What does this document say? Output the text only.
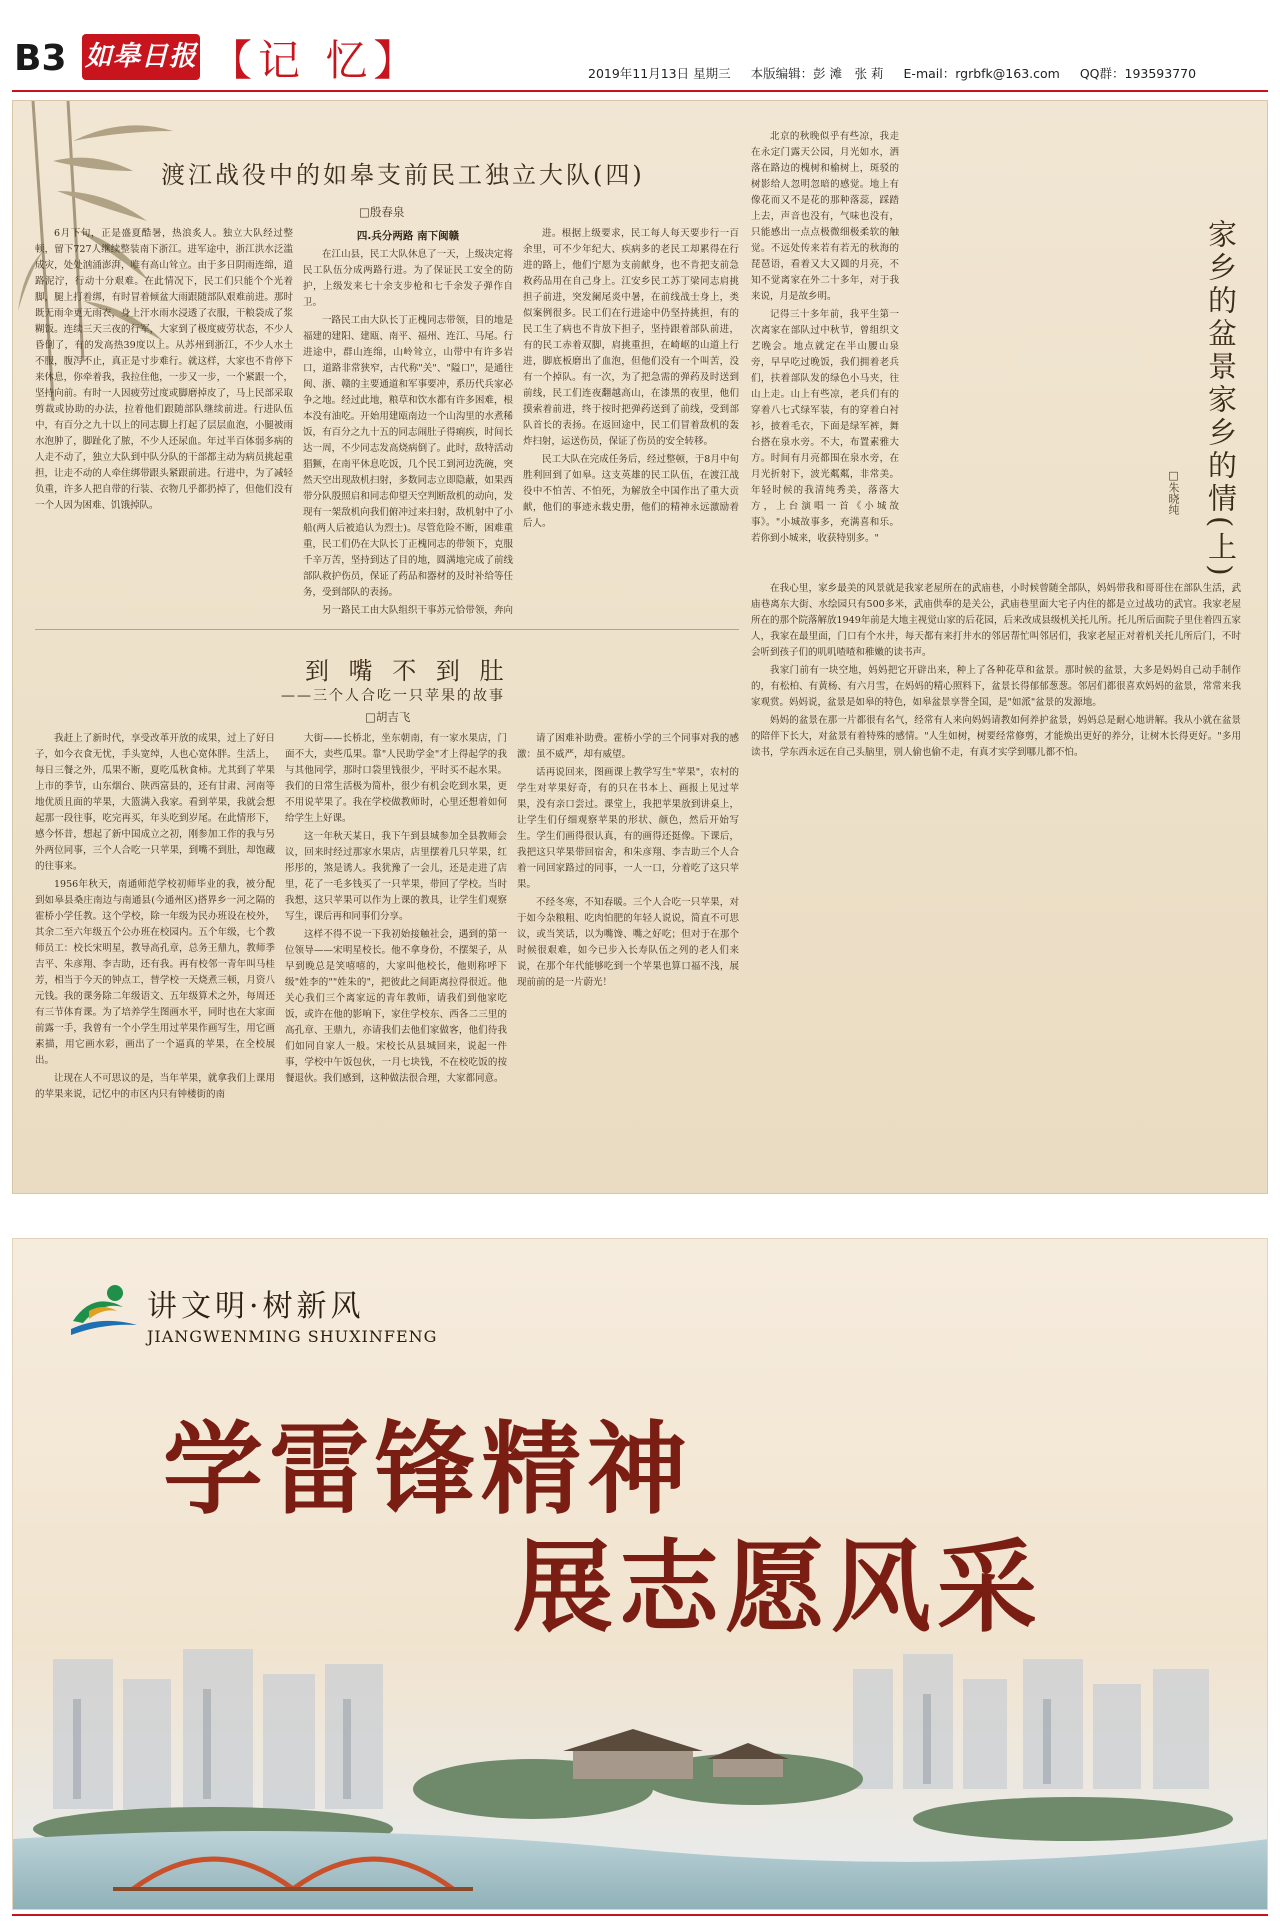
B3 如皋日报 【记 忆】	2019年11月13日 星期三 本版编辑：彭 滩　张 莉 E-mail：rgrbfk@163.com QQ群：193593770
渡江战役中的如皋支前民工独立大队(四)
□殷春泉

6月下旬，正是盛夏酷暑，热浪炙人。独立大队经过整顿，留下727人继续整装南下浙江。进军途中，浙江洪水泛滥成灾，处处汹涌澎湃，唯有高山耸立。由于多日阴雨连绵，道路泥泞，行动十分艰难。在此情况下，民工们只能个个光着脚，腿上打着绑，有时冒着倾盆大雨跟随部队艰难前进。那时既无雨伞更无雨衣，身上汗水雨水浸透了衣服，干粮袋成了浆糊饭。连续三天三夜的行军，大家到了极度疲劳状态，不少人昏倒了，有的发高热39度以上。从苏州到浙江，不少人水土不服，腹泻不止，真正是寸步难行。就这样，大家也不肯停下来休息，你牵着我，我拉住他，一步又一步，一个紧跟一个，坚持向前。有时一人因疲劳过度或脚磨掉皮了，马上民部采取剪裁或协助的办法，拉着他们跟随部队继续前进。行进队伍中，有百分之九十以上的同志脚上打起了层层血泡，小腿被雨水泡肿了，脚趾化了脓，不少人还尿血。年过半百体弱多病的人走不动了，独立大队到中队分队的干部都主动为病员挑起重担，让走不动的人牵住绑带跟头紧跟前进。行进中，为了减轻负重，许多人把自带的行装、衣物几乎都扔掉了，但他们没有一个人因为困难、饥饿掉队。

四.兵分两路 南下闽赣

在江山县，民工大队休息了一天，上级决定将民工队伍分成两路行进。为了保证民工安全的防护，上级发来七十余支步枪和七千余发子弹作自卫。

一路民工由大队长丁正槐同志带领，目的地是福建的建阳、建瓯、南平、福州、连江、马尾。行进途中，群山连绵，山岭耸立，山带中有许多岩口，道路非常狭窄，古代称"关"、"隘口"，是通往闽、浙、赣的主要通道和军事要冲，系历代兵家必争之地。经过此地，粮草和饮水都有许多困难，根本没有油吃。开始用建瓯南边一个山沟里的水煮稀饭，有百分之九十五的同志闹肚子得痢疾，时间长达一周，不少同志发高烧病倒了。此时，敌特活动猖獗，在南平休息吃饭，几个民工到河边洗碗，突然天空出现敌机扫射，多数同志立即隐蔽，如果西带分队殷照启和同志仰望天空判断敌机的动向，发现有一架敌机向我们俯冲过来扫射，敌机射中了小船(两人后被追认为烈士)。尽管危险不断，困难重重，民工们仍在大队长丁正槐同志的带领下，克服千辛万苦，坚持到达了目的地，圆满地完成了前线部队救护伤员，保证了药品和器材的及时补给等任务，受到部队的表扬。

另一路民工由大队组织干事苏元恰带领，奔向

进。根据上级要求，民工每人每天要步行一百余里，可不少年纪大、疾病多的老民工却累得在行进的路上，他们宁愿为支前献身，也不肯把支前急救药品用在自己身上。江安乡民工苏丁梁同志肩挑担子前进，突发阑尾炎中暑，在前线战士身上，类似案例很多。民工们在行进途中仍坚持挑担，有的民工生了病也不肯放下担子，坚持跟着部队前进，有的民工赤着双脚，肩挑重担，在崎岖的山道上行进，脚底板磨出了血泡，但他们没有一个叫苦，没有一个掉队。有一次，为了把急需的弹药及时送到前线，民工们连夜翻越高山，在漆黑的夜里，他们摸索着前进，终于按时把弹药送到了前线，受到部队首长的表扬。在返回途中，民工们冒着敌机的轰炸扫射，运送伤员，保证了伤员的安全转移。

民工大队在完成任务后，经过整顿，于8月中旬胜利回到了如皋。这支英雄的民工队伍，在渡江战役中不怕苦、不怕死，为解放全中国作出了重大贡献，他们的事迹永载史册，他们的精神永远激励着后人。

到 嘴 不 到 肚
——三个人合吃一只苹果的故事
□胡吉飞

我赶上了新时代，享受改革开放的成果，过上了好日子，如今衣食无忧，手头宽绰，人也心宽体胖。生活上，每日三餐之外，瓜果不断，夏吃瓜秋食柿。尤其到了苹果上市的季节，山东烟台、陕西富县的，还有甘肃、河南等地优质且面的苹果，大篮满入我家。看到苹果，我就会想起那一段往事，吃完再买，年头吃到岁尾。在此情形下，感今怀昔，想起了新中国成立之初，刚参加工作的我与另外两位同事，三个人合吃一只苹果，到嘴不到肚，却饱藏的往事来。

1956年秋天，南通师范学校初师毕业的我，被分配到如皋县桑庄南边与南通县(今通州区)搭界乡一河之隔的霍桥小学任教。这个学校，除一年级为民办班设在校外，其余二至六年级五个公办班在校园内。五个年级，七个教师员工：校长宋明星，教导高孔章，总务王鼎九，教师季吉平、朱彦翔、李吉助，还有我。再有校邻一青年叫马桂芳，相当于今天的钟点工，替学校一天烧煮三顿，月资八元钱。我的课务除二年级语文、五年级算术之外，每周还有三节体育课。为了培养学生图画水平，同时也在大家面前露一手，我曾有一个小学生用过苹果作画写生，用它画素描，用它画水彩，画出了一个逼真的苹果，在全校展出。

让现在人不可思议的是，当年苹果，就拿我们上课用的苹果来说，记忆中的市区内只有钟楼街的南

大街——长桥北，坐东朝南，有一家水果店，门面不大，卖些瓜果。靠"人民助学金"才上得起学的我与其他同学，那时口袋里钱很少，平时买不起水果。我们的日常生活极为简朴，很少有机会吃到水果，更不用说苹果了。我在学校做教师时，心里还想着如何给学生上好课。

这一年秋天某日，我下午到县城参加全县教师会议，回来时经过那家水果店，店里摆着几只苹果，红彤彤的，煞是诱人。我犹豫了一会儿，还是走进了店里，花了一毛多钱买了一只苹果，带回了学校。当时我想，这只苹果可以作为上课的教具，让学生们观察写生，课后再和同事们分享。

这样不得不说一下我初始接触社会，遇到的第一位领导——宋明星校长。他不拿身份，不摆架子，从早到晚总是笑嘻嘻的，大家叫他校长，他则称呼下级"姓李的""姓朱的"，把彼此之间距离拉得很近。他关心我们三个离家远的青年教师，请我们到他家吃饭，或许在他的影响下，家住学校东、西各二三里的高孔章、王鼎九，亦请我们去他们家做客，他们待我们如同自家人一般。宋校长从县城回来，说起一件事，学校中午饭包伙，一月七块钱，不在校吃饭的按餐退伙。我们感到，这种做法很合理，大家都同意。

请了困难补助费。霍桥小学的三个同事对我的感激：虽不威严，却有威望。

话再说回来，图画课上教学写生"苹果"，农村的学生对苹果好奇，有的只在书本上、画报上见过苹果，没有亲口尝过。课堂上，我把苹果放到讲桌上，让学生们仔细观察苹果的形状、颜色，然后开始写生。学生们画得很认真，有的画得还挺像。下课后，我把这只苹果带回宿舍，和朱彦翔、李吉助三个人合着一同回家路过的同事，一人一口，分着吃了这只苹果。

不经冬寒，不知春暖。三个人合吃一只苹果，对于如今杂粮粗、吃肉怕肥的年轻人说说，简直不可思议，或当笑话，以为嘴馋、嘴之好吃；但对于在那个时候很艰难，如今已步入长寿队伍之列的老人们来说，在那个年代能够吃到一个苹果也算口福不浅，展现前前的是一片蔚光！

家乡的盆景家乡的情(上)
□朱晓纯

北京的秋晚似乎有些凉，我走在永定门露天公园，月光如水，洒落在路边的槐树和榆树上，斑驳的树影给人忽明忽暗的感觉。地上有像花而又不是花的那种落蕊，踩踏上去，声音也没有，气味也没有，只能感出一点点极微细极柔软的触觉。不远处传来若有若无的秋海的琵琶语，看着又大又圆的月亮，不知不觉离家在外二十多年，对于我来说，月是故乡明。

记得三十多年前，我平生第一次离家在部队过中秋节，曾组织文艺晚会。地点就定在半山腰山泉旁，早早吃过晚饭，我们拥着老兵们，扶着部队发的绿色小马夹，往山上走。山上有些凉，老兵们有的穿着八七式绿军装，有的穿着白衬衫，披着毛衣，下面是绿军裤，舞台搭在泉水旁。不大，布置素雅大方。时间有月亮都围在泉水旁，在月光折射下，波光粼粼，非常美。年轻时候的我清纯秀美，落落大方，上台演唱一首《小城故事》。"小城故事多，充满喜和乐。若你到小城来，收获特别多。"

在我心里，家乡最美的风景就是我家老屋所在的武庙巷，小时候曾随全部队，妈妈带我和哥哥住在部队生活，武庙巷离东大街、水绘园只有500多米，武庙供奉的是关公，武庙巷里面大宅子内住的都是立过战功的武官。我家老屋所在的那个院落解放1949年前是大地主视觉山家的后花园，后来改成县级机关托儿所。托儿所后面院子里住着四五家人，我家在最里面，门口有个水井，每天都有来打井水的邻居帮忙叫邻居们，我家老屋正对着机关托儿所后门，不时会听到孩子们的叽叽喳喳和稚嫩的读书声。

我家门前有一块空地，妈妈把它开辟出来，种上了各种花草和盆景。那时候的盆景，大多是妈妈自己动手制作的，有松柏、有黄杨、有六月雪，在妈妈的精心照料下，盆景长得郁郁葱葱。邻居们都很喜欢妈妈的盆景，常常来我家观赏。妈妈说，盆景是如皋的特色，如皋盆景享誉全国，是"如派"盆景的发源地。

妈妈的盆景在那一片都很有名气，经常有人来向妈妈请教如何养护盆景，妈妈总是耐心地讲解。我从小就在盆景的陪伴下长大，对盆景有着特殊的感情。"人生如树，树要经常修剪，才能焕出更好的养分，让树木长得更好。"多用读书，学东西永远在自己头脑里，别人偷也偷不走，有真才实学到哪儿都不怕。

讲文明·树新风
JIANGWENMING SHUXINFENG
学雷锋精神
展志愿风采
